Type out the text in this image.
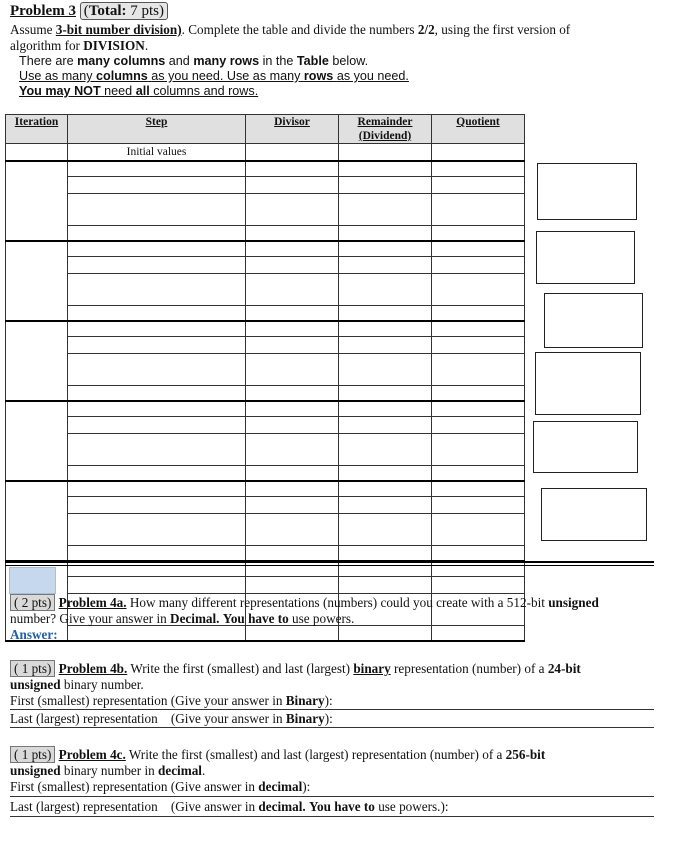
Problem 3 (Total: 7 pts)
Assume 3-bit number division). Complete the table and divide the numbers 2/2, using the first version of
algorithm for DIVISION.
There are many columns and many rows in the Table below.
Use as many columns as you need. Use as many rows as you need.
You may NOT need all columns and rows.
Iteration	Step	Divisor	Remainder (Dividend)	Quotient
	Initial values			

( 2 pts) Problem 4a. How many different representations (numbers) could you create with a 512-bit unsigned
number? Give your answer in Decimal. You have to use powers.
Answer:
( 1 pts) Problem 4b. Write the first (smallest) and last (largest) binary representation (number) of a 24-bit
unsigned binary number.
First (smallest) representation (Give your answer in Binary):
Last (largest) representation    (Give your answer in Binary):
( 1 pts) Problem 4c. Write the first (smallest) and last (largest) representation (number) of a 256-bit
unsigned binary number in decimal.
First (smallest) representation (Give answer in decimal):
Last (largest) representation    (Give answer in decimal. You have to use powers.):
